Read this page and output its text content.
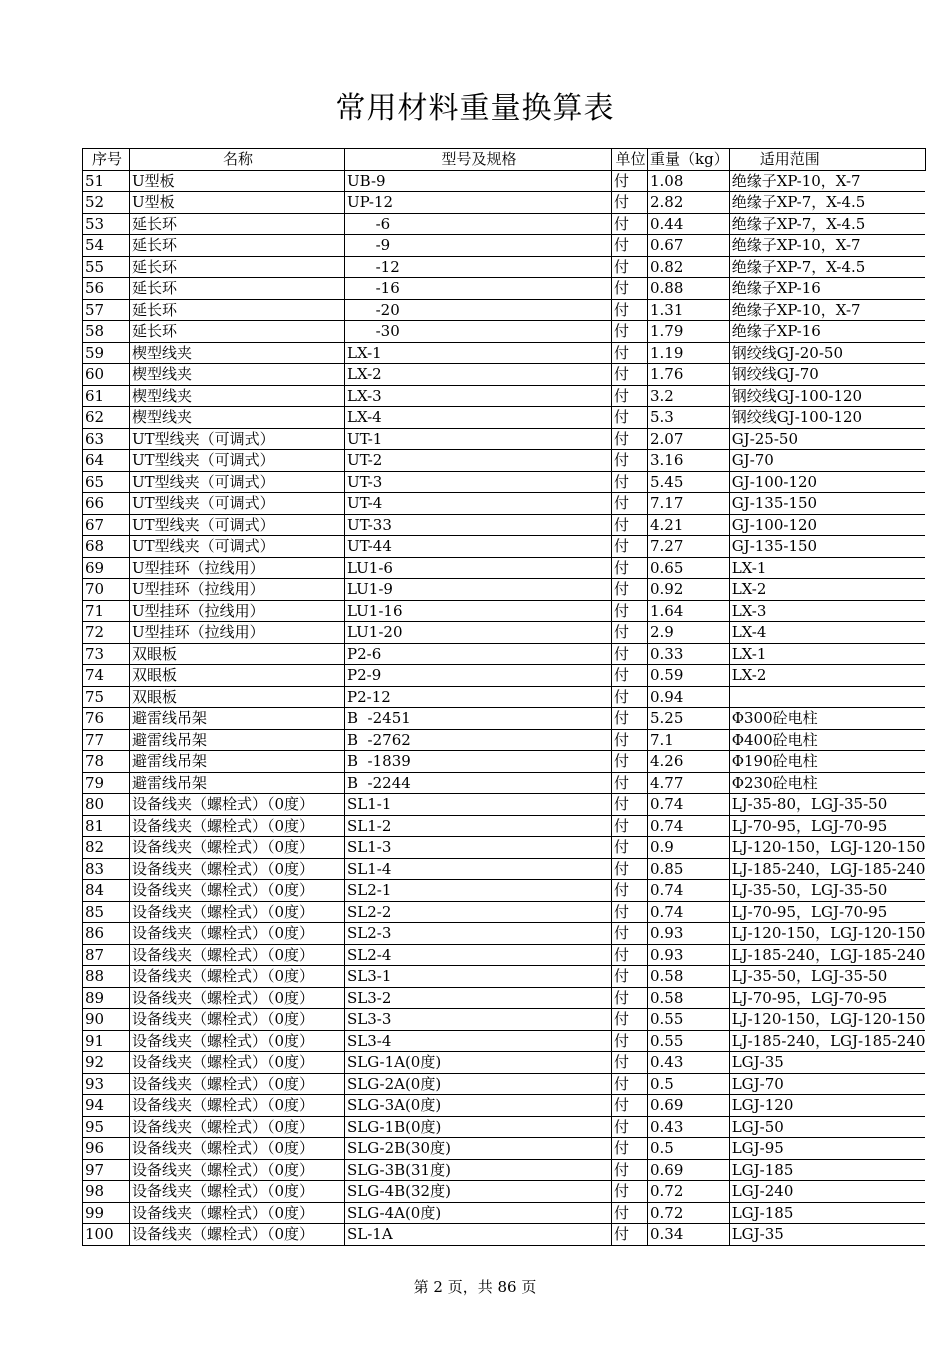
常用材料重量换算表
序号	名称	型号及规格	单位	重量（kg）	适用范围
51	U型板	UB-9	付	1.08	绝缘子XP-10，X-7
52	U型板	UP-12	付	2.82	绝缘子XP-7，X-4.5
53	延长环	-6	付	0.44	绝缘子XP-7，X-4.5
54	延长环	-9	付	0.67	绝缘子XP-10，X-7
55	延长环	-12	付	0.82	绝缘子XP-7，X-4.5
56	延长环	-16	付	0.88	绝缘子XP-16
57	延长环	-20	付	1.31	绝缘子XP-10，X-7
58	延长环	-30	付	1.79	绝缘子XP-16
59	楔型线夹	LX-1	付	1.19	钢绞线GJ-20-50
60	楔型线夹	LX-2	付	1.76	钢绞线GJ-70
61	楔型线夹	LX-3	付	3.2	钢绞线GJ-100-120
62	楔型线夹	LX-4	付	5.3	钢绞线GJ-100-120
63	UT型线夹（可调式）	UT-1	付	2.07	GJ-25-50
64	UT型线夹（可调式）	UT-2	付	3.16	GJ-70
65	UT型线夹（可调式）	UT-3	付	5.45	GJ-100-120
66	UT型线夹（可调式）	UT-4	付	7.17	GJ-135-150
67	UT型线夹（可调式）	UT-33	付	4.21	GJ-100-120
68	UT型线夹（可调式）	UT-44	付	7.27	GJ-135-150
69	U型挂环（拉线用）	LU1-6	付	0.65	LX-1
70	U型挂环（拉线用）	LU1-9	付	0.92	LX-2
71	U型挂环（拉线用）	LU1-16	付	1.64	LX-3
72	U型挂环（拉线用）	LU1-20	付	2.9	LX-4
73	双眼板	P2-6	付	0.33	LX-1
74	双眼板	P2-9	付	0.59	LX-2
75	双眼板	P2-12	付	0.94	
76	避雷线吊架	B  -2451	付	5.25	Φ300砼电柱
77	避雷线吊架	B  -2762	付	7.1	Φ400砼电柱
78	避雷线吊架	B  -1839	付	4.26	Φ190砼电柱
79	避雷线吊架	B  -2244	付	4.77	Φ230砼电柱
80	设备线夹（螺栓式）（0度）	SL1-1	付	0.74	LJ-35-80，LGJ-35-50
81	设备线夹（螺栓式）（0度）	SL1-2	付	0.74	LJ-70-95，LGJ-70-95
82	设备线夹（螺栓式）（0度）	SL1-3	付	0.9	LJ-120-150，LGJ-120-150
83	设备线夹（螺栓式）（0度）	SL1-4	付	0.85	LJ-185-240，LGJ-185-240
84	设备线夹（螺栓式）（0度）	SL2-1	付	0.74	LJ-35-50，LGJ-35-50
85	设备线夹（螺栓式）（0度）	SL2-2	付	0.74	LJ-70-95，LGJ-70-95
86	设备线夹（螺栓式）（0度）	SL2-3	付	0.93	LJ-120-150，LGJ-120-150
87	设备线夹（螺栓式）（0度）	SL2-4	付	0.93	LJ-185-240，LGJ-185-240
88	设备线夹（螺栓式）（0度）	SL3-1	付	0.58	LJ-35-50，LGJ-35-50
89	设备线夹（螺栓式）（0度）	SL3-2	付	0.58	LJ-70-95，LGJ-70-95
90	设备线夹（螺栓式）（0度）	SL3-3	付	0.55	LJ-120-150，LGJ-120-150
91	设备线夹（螺栓式）（0度）	SL3-4	付	0.55	LJ-185-240，LGJ-185-240
92	设备线夹（螺栓式）（0度）	SLG-1A(0度)	付	0.43	LGJ-35
93	设备线夹（螺栓式）（0度）	SLG-2A(0度)	付	0.5	LGJ-70
94	设备线夹（螺栓式）（0度）	SLG-3A(0度)	付	0.69	LGJ-120
95	设备线夹（螺栓式）（0度）	SLG-1B(0度)	付	0.43	LGJ-50
96	设备线夹（螺栓式）（0度）	SLG-2B(30度)	付	0.5	LGJ-95
97	设备线夹（螺栓式）（0度）	SLG-3B(31度)	付	0.69	LGJ-185
98	设备线夹（螺栓式）（0度）	SLG-4B(32度)	付	0.72	LGJ-240
99	设备线夹（螺栓式）（0度）	SLG-4A(0度)	付	0.72	LGJ-185
100	设备线夹（螺栓式）（0度）	SL-1A	付	0.34	LGJ-35
第 2 页，共 86 页
